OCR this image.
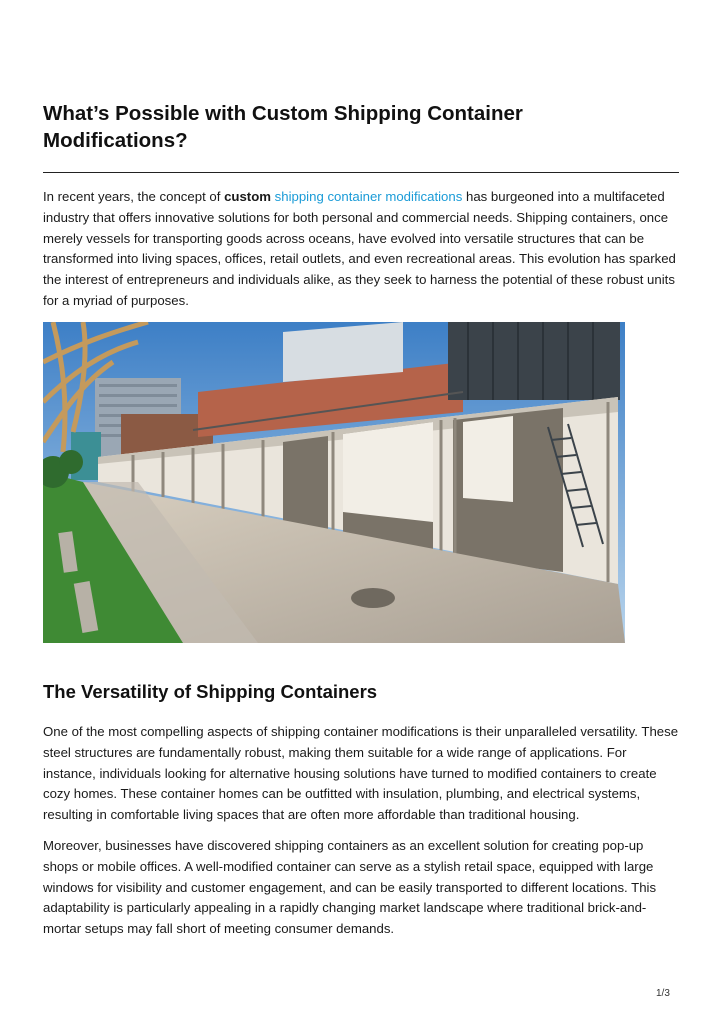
What’s Possible with Custom Shipping Container Modifications?

In recent years, the concept of custom shipping container modifications has burgeoned into a multifaceted industry that offers innovative solutions for both personal and commercial needs. Shipping containers, once merely vessels for transporting goods across oceans, have evolved into versatile structures that can be transformed into living spaces, offices, retail outlets, and even recreational areas. This evolution has sparked the interest of entrepreneurs and individuals alike, as they seek to harness the potential of these robust units for a myriad of purposes.

The Versatility of Shipping Containers

One of the most compelling aspects of shipping container modifications is their unparalleled versatility. These steel structures are fundamentally robust, making them suitable for a wide range of applications. For instance, individuals looking for alternative housing solutions have turned to modified containers to create cozy homes. These container homes can be outfitted with insulation, plumbing, and electrical systems, resulting in comfortable living spaces that are often more affordable than traditional housing.

Moreover, businesses have discovered shipping containers as an excellent solution for creating pop-up shops or mobile offices. A well-modified container can serve as a stylish retail space, equipped with large windows for visibility and customer engagement, and can be easily transported to different locations. This adaptability is particularly appealing in a rapidly changing market landscape where traditional brick-and-mortar setups may fall short of meeting consumer demands.

1/3
